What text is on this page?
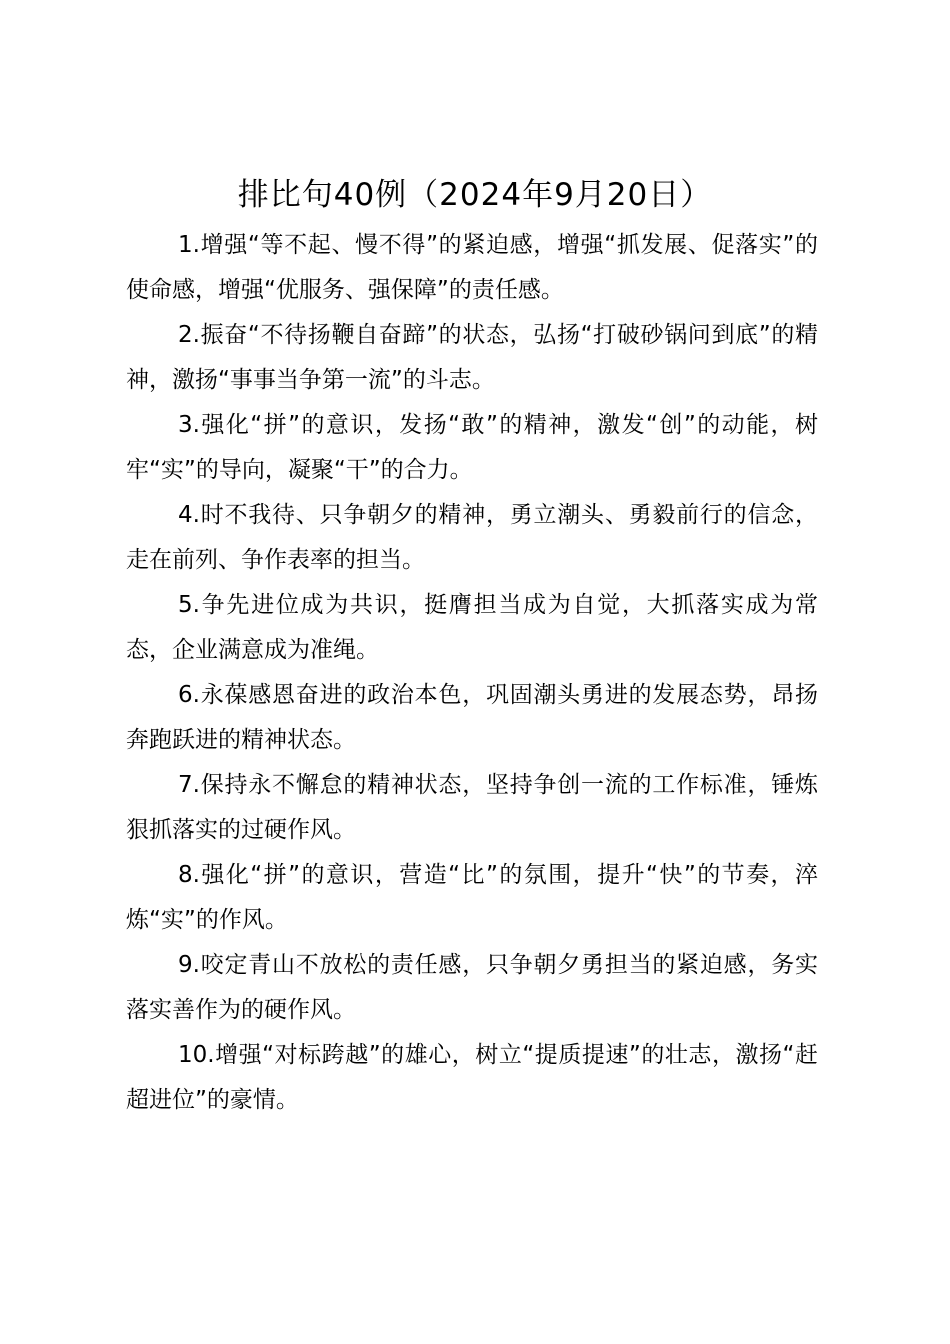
排比句40例（2024年9月20日）

1.增强“等不起、慢不得”的紧迫感，增强“抓发展、促落实”的使命感，增强“优服务、强保障”的责任感。

2.振奋“不待扬鞭自奋蹄”的状态，弘扬“打破砂锅问到底”的精神，激扬“事事当争第一流”的斗志。

3.强化“拼”的意识，发扬“敢”的精神，激发“创”的动能，树牢“实”的导向，凝聚“干”的合力。

4.时不我待、只争朝夕的精神，勇立潮头、勇毅前行的信念，走在前列、争作表率的担当。

5.争先进位成为共识，挺膺担当成为自觉，大抓落实成为常态，企业满意成为准绳。

6.永葆感恩奋进的政治本色，巩固潮头勇进的发展态势，昂扬奔跑跃进的精神状态。

7.保持永不懈怠的精神状态，坚持争创一流的工作标准，锤炼狠抓落实的过硬作风。

8.强化“拼”的意识，营造“比”的氛围，提升“快”的节奏，淬炼“实”的作风。

9.咬定青山不放松的责任感，只争朝夕勇担当的紧迫感，务实落实善作为的硬作风。

10.增强“对标跨越”的雄心，树立“提质提速”的壮志，激扬“赶超进位”的豪情。
